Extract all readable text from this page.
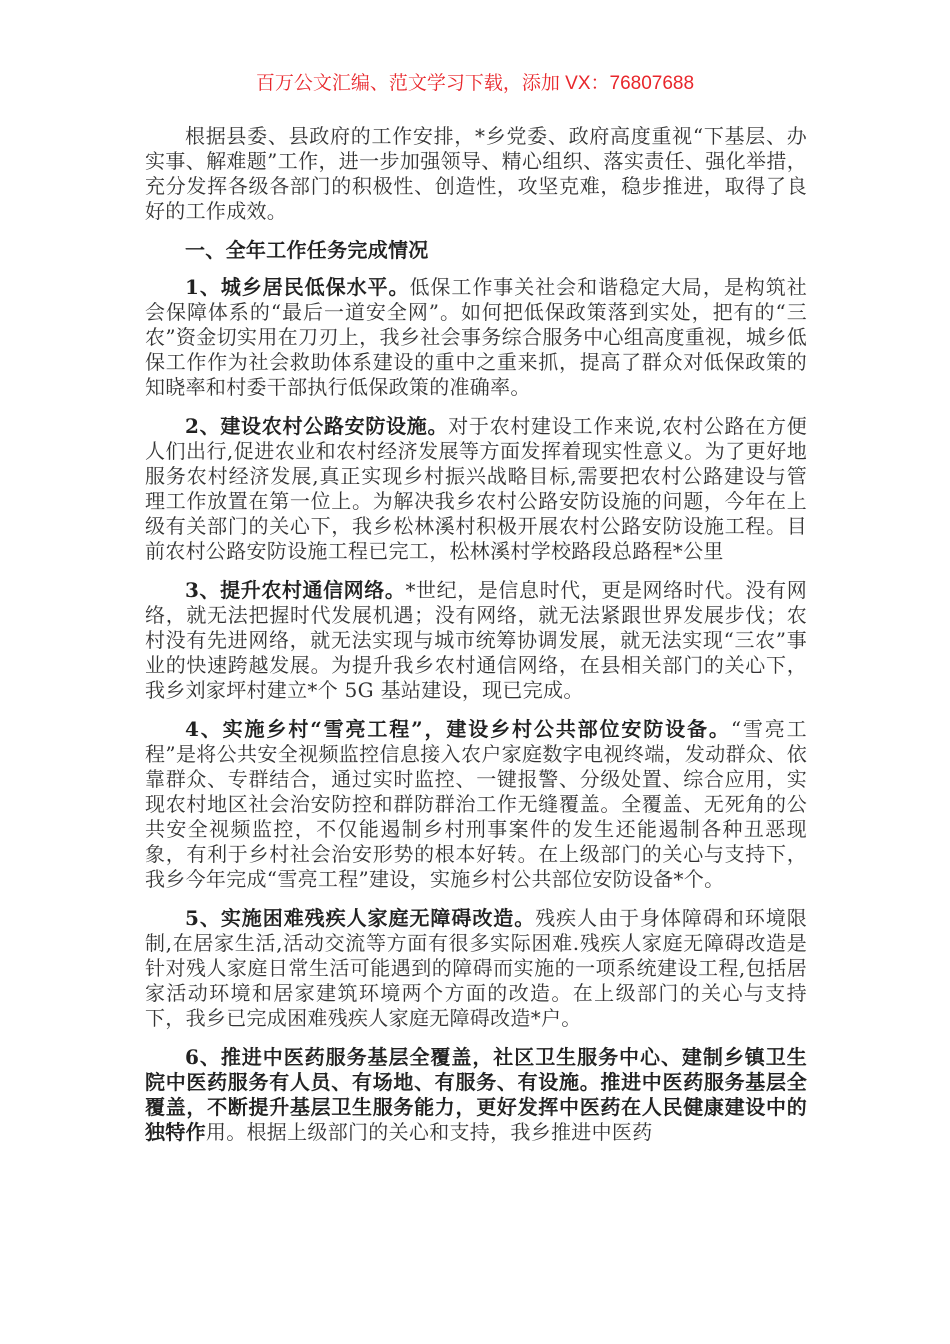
百万公文汇编、范文学习下载，添加 VX：76807688

根据县委、县政府的工作安排，*乡党委、政府高度重视“下基层、办实事、解难题”工作，进一步加强领导、精心组织、落实责任、强化举措，充分发挥各级各部门的积极性、创造性，攻坚克难，稳步推进，取得了良好的工作成效。

一、全年工作任务完成情况

1、城乡居民低保水平。低保工作事关社会和谐稳定大局，是构筑社会保障体系的“最后一道安全网”。如何把低保政策落到实处，把有的“三农”资金切实用在刀刃上，我乡社会事务综合服务中心组高度重视，城乡低保工作作为社会救助体系建设的重中之重来抓，提高了群众对低保政策的知晓率和村委干部执行低保政策的准确率。

2、建设农村公路安防设施。对于农村建设工作来说,农村公路在方便人们出行,促进农业和农村经济发展等方面发挥着现实性意义。为了更好地服务农村经济发展,真正实现乡村振兴战略目标,需要把农村公路建设与管理工作放置在第一位上。为解决我乡农村公路安防设施的问题，今年在上级有关部门的关心下，我乡松林溪村积极开展农村公路安防设施工程。目前农村公路安防设施工程已完工，松林溪村学校路段总路程*公里

3、提升农村通信网络。*世纪，是信息时代，更是网络时代。没有网络，就无法把握时代发展机遇；没有网络，就无法紧跟世界发展步伐；农村没有先进网络，就无法实现与城市统筹协调发展，就无法实现“三农”事业的快速跨越发展。为提升我乡农村通信网络，在县相关部门的关心下，我乡刘家坪村建立*个 5G 基站建设，现已完成。

4、实施乡村“雪亮工程”，建设乡村公共部位安防设备。“雪亮工程”是将公共安全视频监控信息接入农户家庭数字电视终端，发动群众、依靠群众、专群结合，通过实时监控、一键报警、分级处置、综合应用，实现农村地区社会治安防控和群防群治工作无缝覆盖。全覆盖、无死角的公共安全视频监控，不仅能遏制乡村刑事案件的发生还能遏制各种丑恶现象，有利于乡村社会治安形势的根本好转。在上级部门的关心与支持下，我乡今年完成“雪亮工程”建设，实施乡村公共部位安防设备*个。

5、实施困难残疾人家庭无障碍改造。残疾人由于身体障碍和环境限制,在居家生活,活动交流等方面有很多实际困难.残疾人家庭无障碍改造是针对残人家庭日常生活可能遇到的障碍而实施的一项系统建设工程,包括居家活动环境和居家建筑环境两个方面的改造。在上级部门的关心与支持下，我乡已完成困难残疾人家庭无障碍改造*户。

6、推进中医药服务基层全覆盖，社区卫生服务中心、建制乡镇卫生院中医药服务有人员、有场地、有服务、有设施。推进中医药服务基层全覆盖，不断提升基层卫生服务能力，更好发挥中医药在人民健康建设中的独特作用。根据上级部门的关心和支持，我乡推进中医药
